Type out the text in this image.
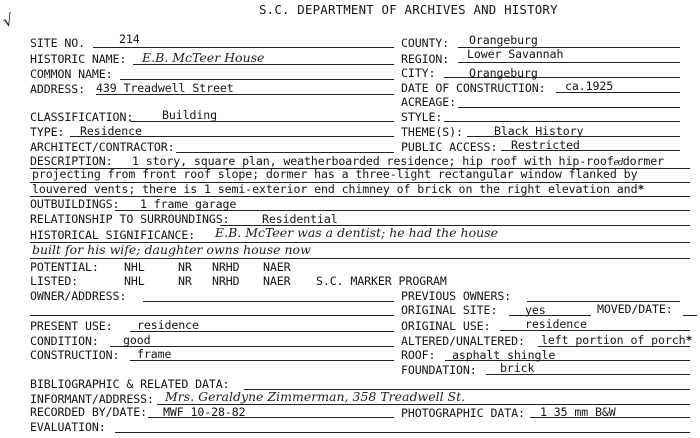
√
S.C. DEPARTMENT OF ARCHIVES AND HISTORY
SITE NO.	214	COUNTY: Orangeburg
HISTORIC NAME: E.B. McTeer House	REGION: Lower Savannah
COMMON NAME:	CITY:	Orangeburg
ADDRESS: 439 Treadwell Street	DATE OF CONSTRUCTION: ca.1925
ACREAGE:
CLASSIFICATION: Building	STYLE:
TYPE: Residence	THEME(S):	Black History
ARCHITECT/CONTRACTOR:	PUBLIC ACCESS: Restricted
DESCRIPTION: 1 story, square plan, weatherboarded residence; hip roof with hip-roofeddormer
projecting from front roof slope; dormer has a three-light rectangular window flanked by
louvered vents; there is 1 semi-exterior end chimney of brick on the right elevation and*
OUTBUILDINGS: 1 frame garage
RELATIONSHIP TO SURROUNDINGS:	Residential
HISTORICAL SIGNIFICANCE: E.B. McTeer was a dentist; he had the house
built for his wife; daughter owns house now
POTENTIAL: NHL	NR NRHD NAER
LISTED:	NHL	NR NRHD NAER S.C. MARKER PROGRAM
OWNER/ADDRESS:	PREVIOUS OWNERS:
ORIGINAL SITE: yes	MOVED/DATE:
PRESENT USE: residence	ORIGINAL USE:	residence
CONDITION: good	ALTERED/UNALTERED: left portion of porch*
CONSTRUCTION: frame	ROOF: asphalt shingle
FOUNDATION: brick
BIBLIOGRAPHIC & RELATED DATA:
INFORMANT/ADDRESS: Mrs. Geraldyne Zimmerman, 358 Treadwell St.
RECORDED BY/DATE: MWF 10-28-82	PHOTOGRAPHIC DATA: 1 35 mm B&W
EVALUATION:
